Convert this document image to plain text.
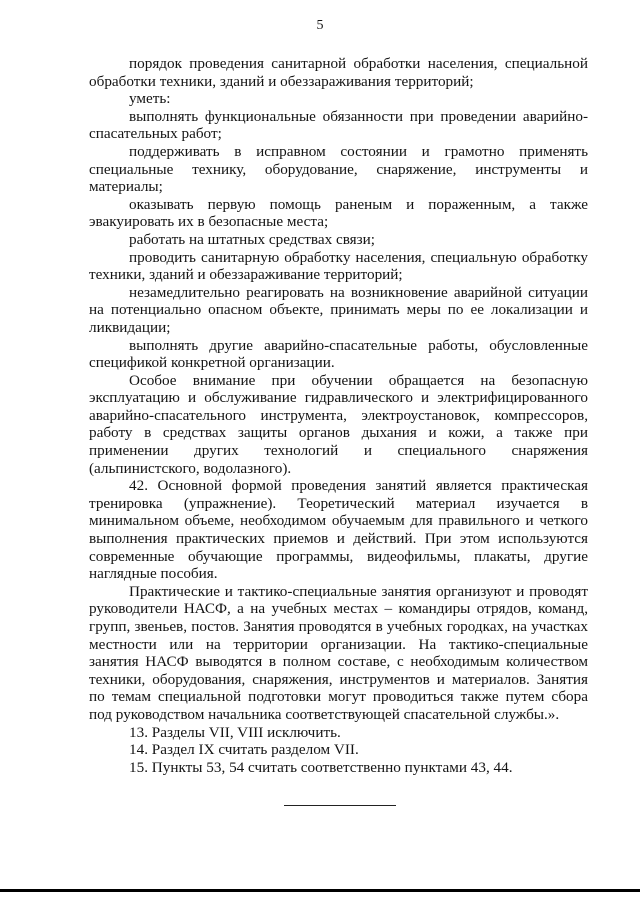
5

порядок проведения санитарной обработки населения, специальной обработки техники, зданий и обеззараживания территорий;

уметь:

выполнять функциональные обязанности при проведении аварийно-спасательных работ;

поддерживать в исправном состоянии и грамотно применять специальные технику, оборудование, снаряжение, инструменты и материалы;

оказывать первую помощь раненым и пораженным, а также эвакуировать их в безопасные места;

работать на штатных средствах связи;

проводить санитарную обработку населения, специальную обработку техники, зданий и обеззараживание территорий;

незамедлительно реагировать на возникновение аварийной ситуации на потенциально опасном объекте, принимать меры по ее локализации и ликвидации;

выполнять другие аварийно-спасательные работы, обусловленные спецификой конкретной организации.

Особое внимание при обучении обращается на безопасную эксплуатацию и обслуживание гидравлического и электрифицированного аварийно-спасательного инструмента, электроустановок, компрессоров, работу в средствах защиты органов дыхания и кожи, а также при применении других технологий и специального снаряжения (альпинистского, водолазного).

42. Основной формой проведения занятий является практическая тренировка (упражнение). Теоретический материал изучается в минимальном объеме, необходимом обучаемым для правильного и четкого выполнения практических приемов и действий. При этом используются современные обучающие программы, видеофильмы, плакаты, другие наглядные пособия.

Практические и тактико-специальные занятия организуют и проводят руководители НАСФ, а на учебных местах – командиры отрядов, команд, групп, звеньев, постов. Занятия проводятся в учебных городках, на участках местности или на территории организации. На тактико-специальные занятия НАСФ выводятся в полном составе, с необходимым количеством техники, оборудования, снаряжения, инструментов и материалов. Занятия по темам специальной подготовки могут проводиться также путем сбора под руководством начальника соответствующей спасательной службы.».

13. Разделы VII, VIII исключить.

14. Раздел IX считать разделом VII.

15. Пункты 53, 54 считать соответственно пунктами 43, 44.
